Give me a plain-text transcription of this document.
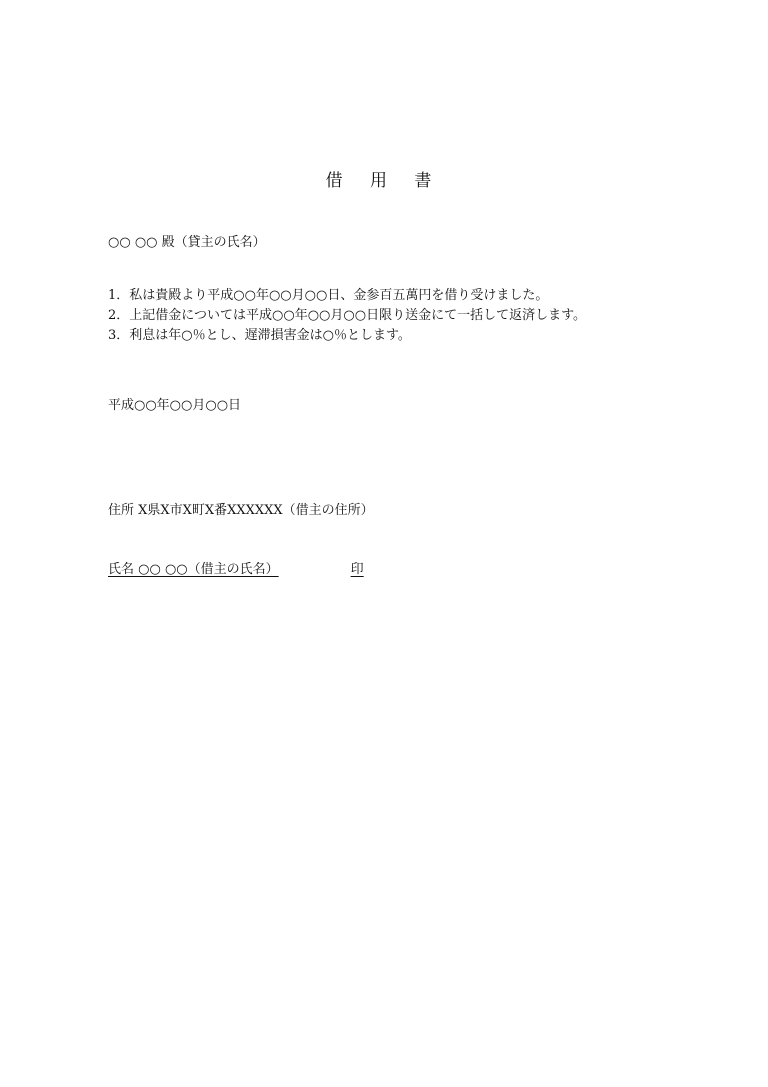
借 用 書
○○ ○○ 殿（貸主の氏名）
1．私は貴殿より平成○○年○○月○○日、金参百五萬円を借り受けました。
2．上記借金については平成○○年○○月○○日限り送金にて一括して返済します。
3．利息は年○％とし、遅滞損害金は○％とします。
平成○○年○○月○○日
住所 X県X市X町X番XXXXXX（借主の住所）
氏名 ○○ ○○（借主の氏名）	印
